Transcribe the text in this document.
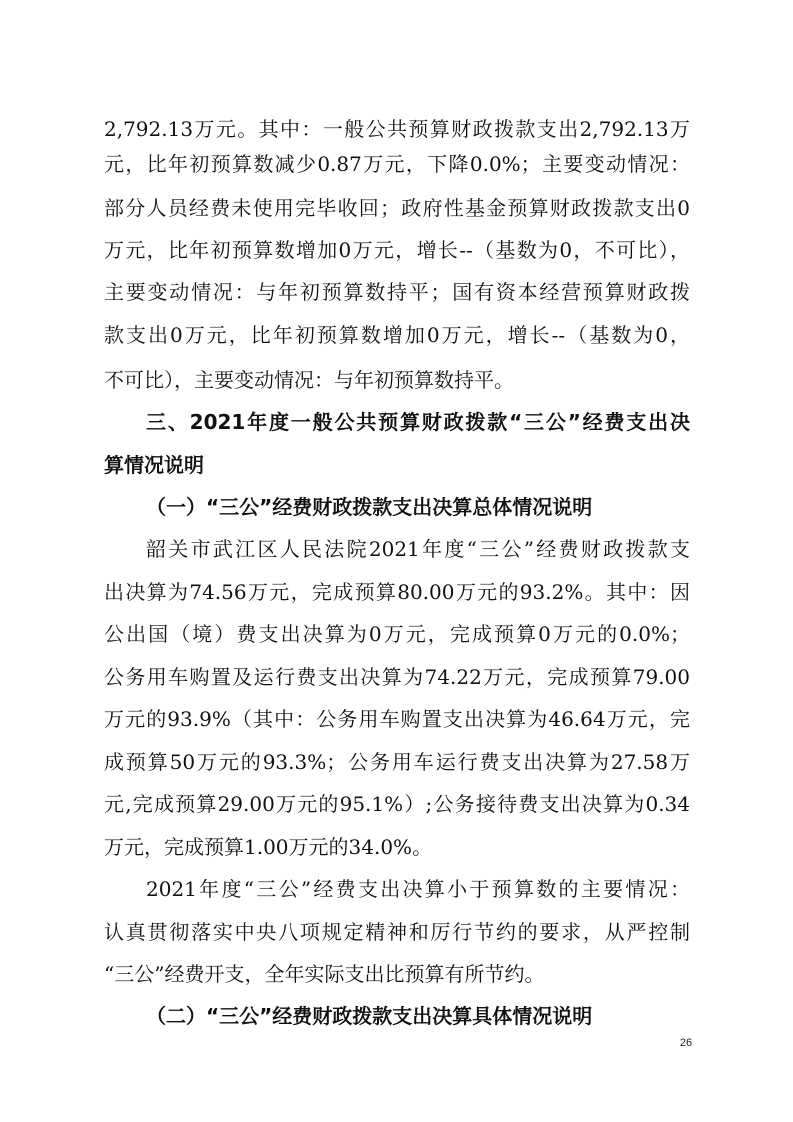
2,792.13万元。其中：一般公共预算财政拨款支出2,792.13万
元，比年初预算数减少0.87万元，下降0.0%；主要变动情况：
部分人员经费未使用完毕收回；政府性基金预算财政拨款支出0
万元，比年初预算数增加0万元，增长--（基数为0，不可比），
主要变动情况：与年初预算数持平；国有资本经营预算财政拨
款支出0万元，比年初预算数增加0万元，增长--（基数为0，
不可比），主要变动情况：与年初预算数持平。
三、2021年度一般公共预算财政拨款“三公”经费支出决
算情况说明
（一）“三公”经费财政拨款支出决算总体情况说明
韶关市武江区人民法院2021年度“三公”经费财政拨款支
出决算为74.56万元，完成预算80.00万元的93.2%。其中：因
公出国（境）费支出决算为0万元，完成预算0万元的0.0%；
公务用车购置及运行费支出决算为74.22万元，完成预算79.00
万元的93.9%（其中：公务用车购置支出决算为46.64万元，完
成预算50万元的93.3%；公务用车运行费支出决算为27.58万
元,完成预算29.00万元的95.1%）;公务接待费支出决算为0.34
万元，完成预算1.00万元的34.0%。
2021年度“三公”经费支出决算小于预算数的主要情况：
认真贯彻落实中央八项规定精神和厉行节约的要求，从严控制
“三公”经费开支，全年实际支出比预算有所节约。
（二）“三公”经费财政拨款支出决算具体情况说明
26
